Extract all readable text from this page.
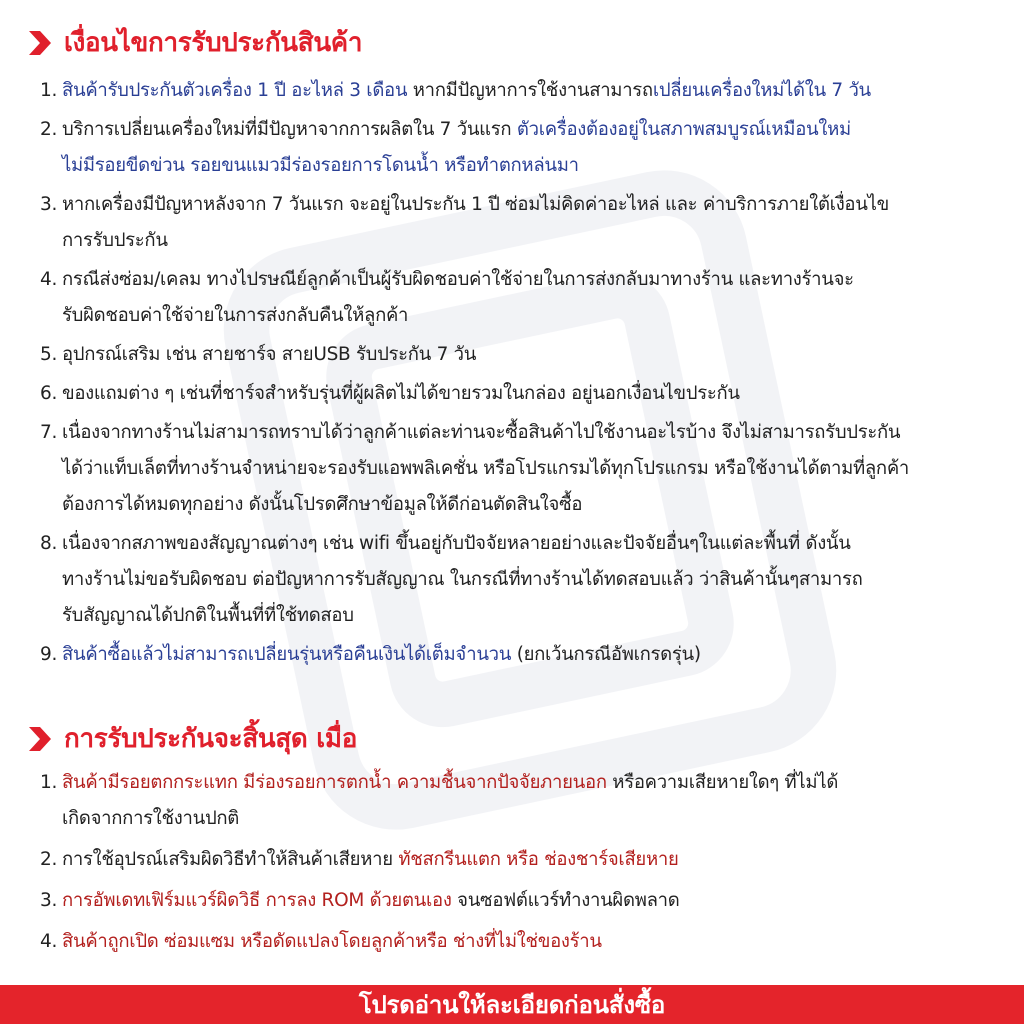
เงื่อนไขการรับประกันสินค้า
1. สินค้ารับประกันตัวเครื่อง 1 ปี อะไหล่ 3 เดือน หากมีปัญหาการใช้งานสามารถเปลี่ยนเครื่องใหม่ได้ใน 7 วัน
2. บริการเปลี่ยนเครื่องใหม่ที่มีปัญหาจากการผลิตใน 7 วันแรก ตัวเครื่องต้องอยู่ในสภาพสมบูรณ์เหมือนใหม่
ไม่มีรอยขีดข่วน รอยขนแมวมีร่องรอยการโดนน้ำ หรือทำตกหล่นมา
3. หากเครื่องมีปัญหาหลังจาก 7 วันแรก จะอยู่ในประกัน 1 ปี ซ่อมไม่คิดค่าอะไหล่ และ ค่าบริการภายใต้เงื่อนไข
การรับประกัน
4. กรณีส่งซ่อม/เคลม ทางไปรษณีย์ลูกค้าเป็นผู้รับผิดชอบค่าใช้จ่ายในการส่งกลับมาทางร้าน และทางร้านจะ
รับผิดชอบค่าใช้จ่ายในการส่งกลับคืนให้ลูกค้า
5. อุปกรณ์เสริม เช่น สายชาร์จ สายUSB รับประกัน 7 วัน
6. ของแถมต่าง ๆ เช่นที่ชาร์จสำหรับรุ่นที่ผู้ผลิตไม่ได้ขายรวมในกล่อง อยู่นอกเงื่อนไขประกัน
7. เนื่องจากทางร้านไม่สามารถทราบได้ว่าลูกค้าแต่ละท่านจะซื้อสินค้าไปใช้งานอะไรบ้าง จึงไม่สามารถรับประกัน
ได้ว่าแท็บเล็ตที่ทางร้านจำหน่ายจะรองรับแอพพลิเคชั่น หรือโปรแกรมได้ทุกโปรแกรม หรือใช้งานได้ตามที่ลูกค้า
ต้องการได้หมดทุกอย่าง ดังนั้นโปรดศึกษาข้อมูลให้ดีก่อนตัดสินใจซื้อ
8. เนื่องจากสภาพของสัญญาณต่างๆ เช่น wifi ขึ้นอยู่กับปัจจัยหลายอย่างและปัจจัยอื่นๆในแต่ละพื้นที่ ดังนั้น
ทางร้านไม่ขอรับผิดชอบ ต่อปัญหาการรับสัญญาณ ในกรณีที่ทางร้านได้ทดสอบแล้ว ว่าสินค้านั้นๆสามารถ
รับสัญญาณได้ปกติในพื้นที่ที่ใช้ทดสอบ
9. สินค้าซื้อแล้วไม่สามารถเปลี่ยนรุ่นหรือคืนเงินได้เต็มจำนวน (ยกเว้นกรณีอัพเกรดรุ่น)
การรับประกันจะสิ้นสุด เมื่อ
1. สินค้ามีรอยตกกระแทก มีร่องรอยการตกน้ำ ความชื้นจากปัจจัยภายนอก หรือความเสียหายใดๆ ที่ไม่ได้
เกิดจากการใช้งานปกติ
2. การใช้อุปรณ์เสริมผิดวิธีทำให้สินค้าเสียหาย ทัชสกรีนแตก หรือ ช่องชาร์จเสียหาย
3. การอัพเดทเฟิร์มแวร์ผิดวิธี การลง ROM ด้วยตนเอง จนซอฟต์แวร์ทำงานผิดพลาด
4. สินค้าถูกเปิด ซ่อมแซม หรือดัดแปลงโดยลูกค้าหรือ ช่างที่ไม่ใช่ของร้าน
โปรดอ่านให้ละเอียดก่อนสั่งซื้อ
